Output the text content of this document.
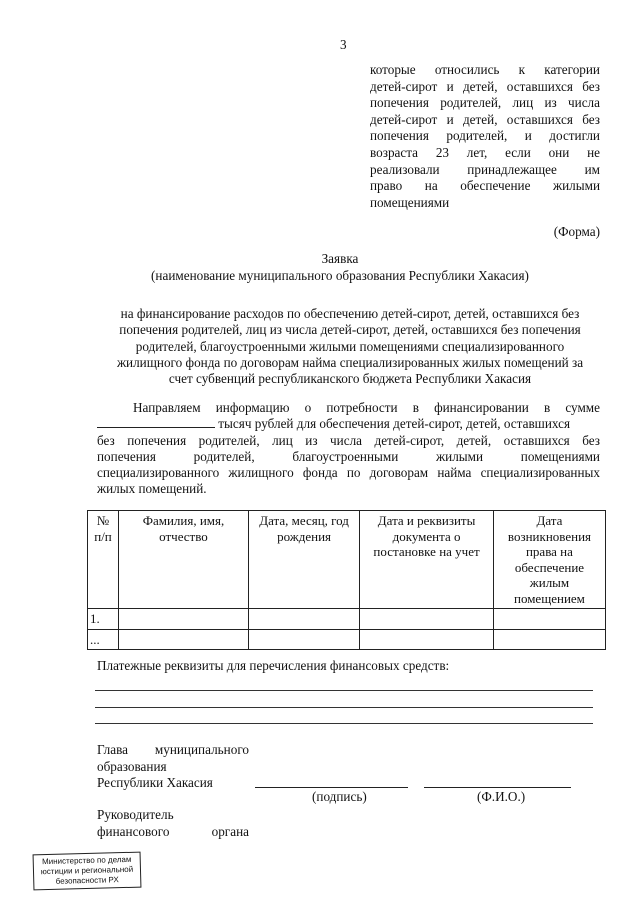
3
которые относились к категории
детей-сирот и детей, оставшихся без
попечения родителей, лиц из числа
детей-сирот и детей, оставшихся без
попечения родителей, и достигли
возраста 23 лет, если они не
реализовали принадлежащее им
право на обеспечение жилыми
помещениями
(Форма)
Заявка
(наименование муниципального образования Республики Хакасия)
на финансирование расходов по обеспечению детей-сирот, детей, оставшихся без
попечения родителей, лиц из числа детей-сирот, детей, оставшихся без попечения
родителей, благоустроенными жилыми помещениями специализированного
жилищного фонда по договорам найма специализированных жилых помещений за
счет субвенций республиканского бюджета Республики Хакасия
Направляем информацию о потребности в финансировании в сумме
тысяч рублей для обеспечения детей-сирот, детей, оставшихся
без попечения родителей, лиц из числа детей-сирот, детей, оставшихся без
попечения родителей, благоустроенными жилыми помещениями
специализированного жилищного фонда по договорам найма специализированных
жилых помещений.
№ п/п	Фамилия, имя, отчество	Дата, месяц, год рождения	Дата и реквизиты документа о постановке на учет	Дата возникновения права на обеспечение жилым помещением
1.				
...				
Платежные реквизиты для перечисления финансовых средств:
Глава муниципального
образования
Республики Хакасия
(подпись)	(Ф.И.О.)
Руководитель
финансового органа
Министерство по делам
юстиции и региональной
безопасности РХ
